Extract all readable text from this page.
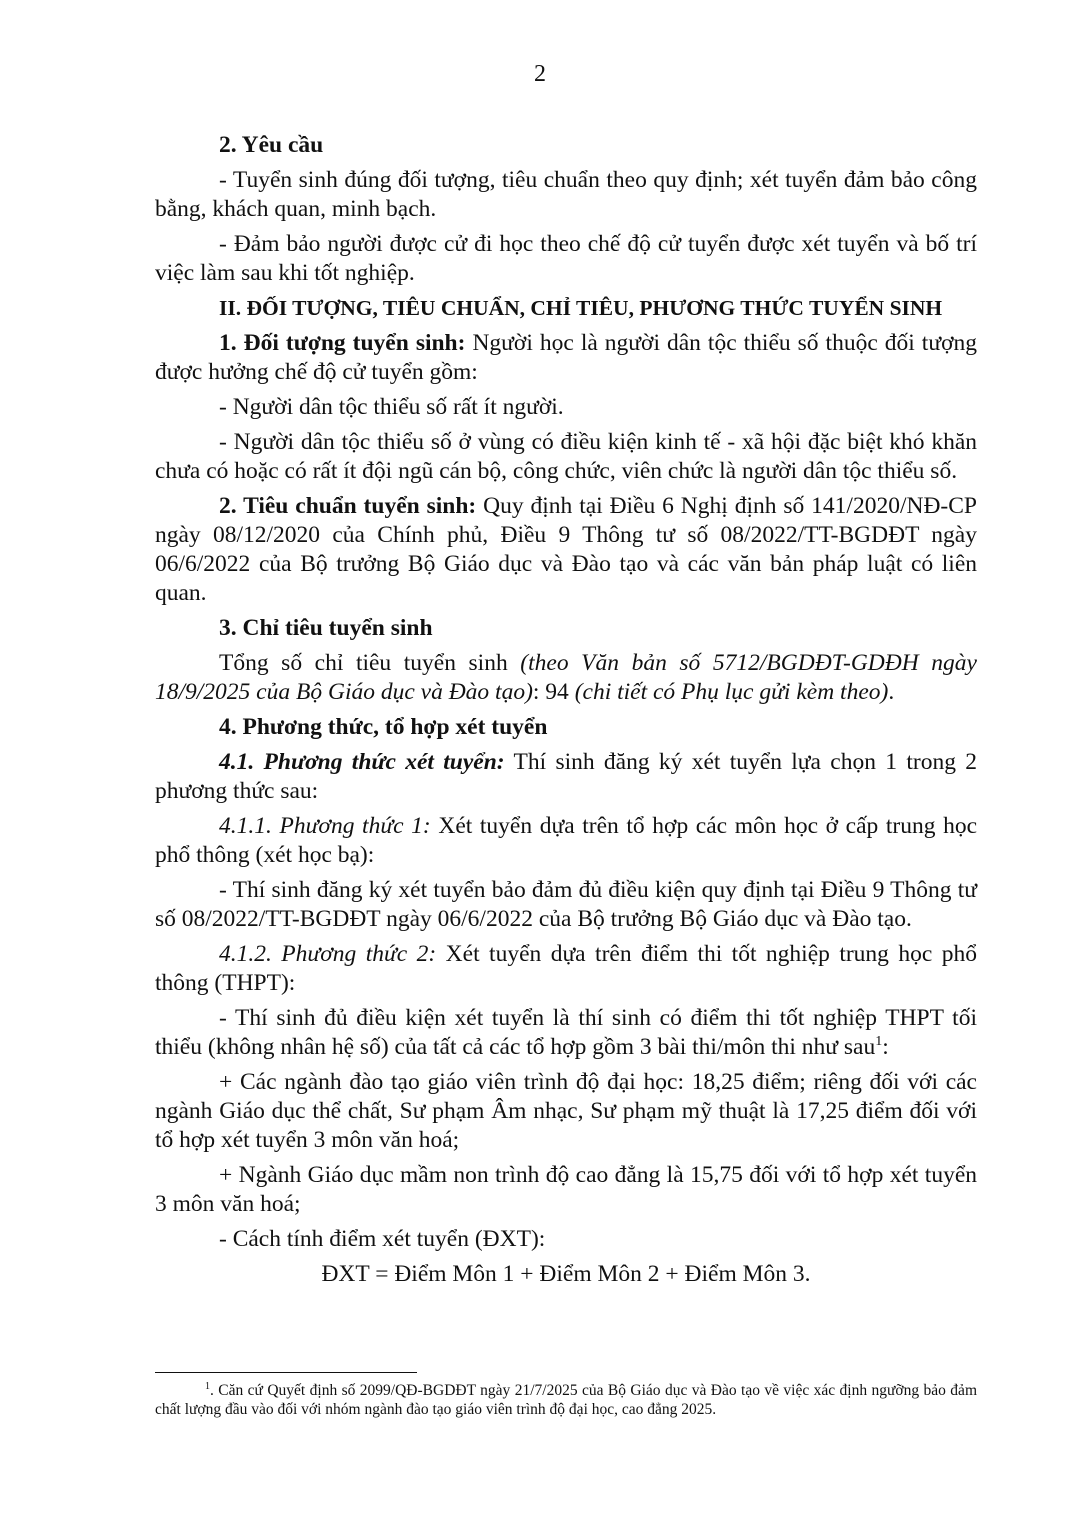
2
2. Yêu cầu
- Tuyển sinh đúng đối tượng, tiêu chuẩn theo quy định; xét tuyển đảm bảo công bằng, khách quan, minh bạch.
- Đảm bảo người được cử đi học theo chế độ cử tuyển được xét tuyển và bố trí việc làm sau khi tốt nghiệp.
II. ĐỐI TƯỢNG, TIÊU CHUẨN, CHỈ TIÊU, PHƯƠNG THỨC TUYỂN SINH
1. Đối tượng tuyển sinh: Người học là người dân tộc thiểu số thuộc đối tượng được hưởng chế độ cử tuyển gồm:
- Người dân tộc thiểu số rất ít người.
- Người dân tộc thiểu số ở vùng có điều kiện kinh tế - xã hội đặc biệt khó khăn chưa có hoặc có rất ít đội ngũ cán bộ, công chức, viên chức là người dân tộc thiểu số.
2. Tiêu chuẩn tuyển sinh: Quy định tại Điều 6 Nghị định số 141/2020/NĐ-CP ngày 08/12/2020 của Chính phủ, Điều 9 Thông tư số 08/2022/TT-BGDĐT ngày 06/6/2022 của Bộ trưởng Bộ Giáo dục và Đào tạo và các văn bản pháp luật có liên quan.
3. Chỉ tiêu tuyển sinh
Tổng số chỉ tiêu tuyển sinh (theo Văn bản số 5712/BGDĐT-GDĐH ngày 18/9/2025 của Bộ Giáo dục và Đào tạo): 94 (chi tiết có Phụ lục gửi kèm theo).
4. Phương thức, tổ hợp xét tuyển
4.1. Phương thức xét tuyển: Thí sinh đăng ký xét tuyển lựa chọn 1 trong 2 phương thức sau:
4.1.1. Phương thức 1: Xét tuyển dựa trên tổ hợp các môn học ở cấp trung học phổ thông (xét học bạ):
- Thí sinh đăng ký xét tuyển bảo đảm đủ điều kiện quy định tại Điều 9 Thông tư số 08/2022/TT-BGDĐT ngày 06/6/2022 của Bộ trưởng Bộ Giáo dục và Đào tạo.
4.1.2. Phương thức 2: Xét tuyển dựa trên điểm thi tốt nghiệp trung học phổ thông (THPT):
- Thí sinh đủ điều kiện xét tuyển là thí sinh có điểm thi tốt nghiệp THPT tối thiểu (không nhân hệ số) của tất cả các tổ hợp gồm 3 bài thi/môn thi như sau$^1$:
+ Các ngành đào tạo giáo viên trình độ đại học: 18,25 điểm; riêng đối với các ngành Giáo dục thể chất, Sư phạm Âm nhạc, Sư phạm mỹ thuật là 17,25 điểm đối với tổ hợp xét tuyển 3 môn văn hoá;
+ Ngành Giáo dục mầm non trình độ cao đẳng là 15,75 đối với tổ hợp xét tuyển 3 môn văn hoá;
- Cách tính điểm xét tuyển (ĐXT):
ĐXT = Điểm Môn 1 + Điểm Môn 2 + Điểm Môn 3.
$^1$. Căn cứ Quyết định số 2099/QĐ-BGDĐT ngày 21/7/2025 của Bộ Giáo dục và Đào tạo về việc xác định ngưỡng bảo đảm chất lượng đầu vào đối với nhóm ngành đào tạo giáo viên trình độ đại học, cao đẳng 2025.
